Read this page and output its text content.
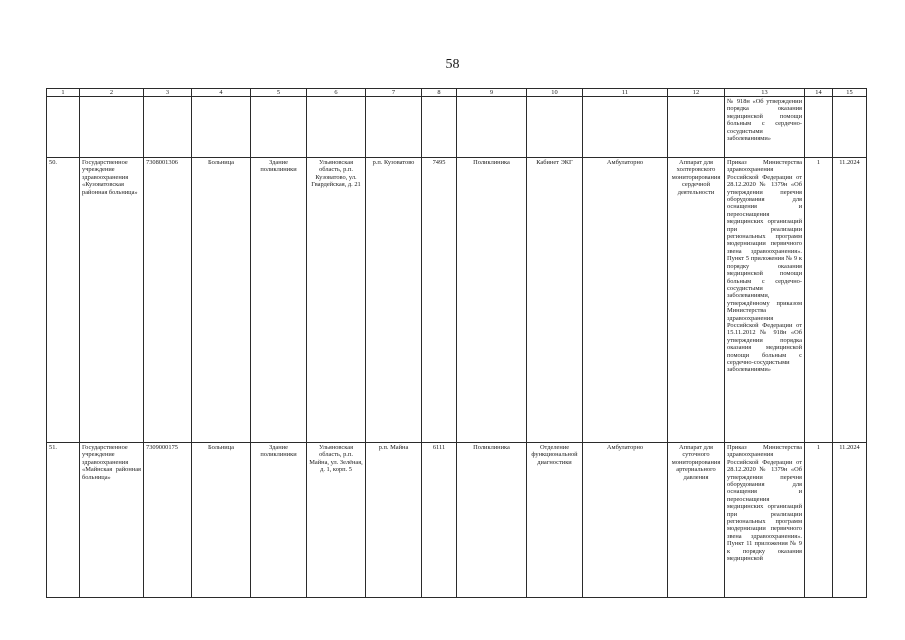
58
1	2	3	4	5	6	7	8	9	10	11	12	13	14	15
												№ 918н «Об утверждении порядка оказания медицинской помощи больным с сердечно-сосудистыми заболеваниями»		
50.	Государственное учреждение здравоохранения «Кузоватовская районная больница»	7308001306	Больница	Здание поликлиники	Ульяновская область, р.п. Кузоватово, ул. Гвардейская, д. 21	р.п. Кузоватово	7495	Поликлиника	Кабинет ЭКГ	Амбулаторно	Аппарат для холтеровского мониторирования сердечной деятельности	Приказ Министерства здравоохранения Российской Федерации от 28.12.2020 № 1379н «Об утверждении перечня оборудования для оснащения и переоснащения медицинских организаций при реализации региональных программ модернизации первичного звена здравоохранения». Пункт 5 приложения № 9 к порядку оказания медицинской помощи больным с сердечно-сосудистыми заболеваниями, утверждённому приказом Министерства здравоохранения Российской Федерации от 15.11.2012 № 918н «Об утверждении порядка оказания медицинской помощи больным с сердечно-сосудистыми заболеваниями»	1	11.2024
51.	Государственное учреждение здравоохранения «Майнская районная больница»	7309000175	Больница	Здание поликлиники	Ульяновская область, р.п. Майна, ул. Зелёная, д. 1, корп. 5	р.п. Майна	6111	Поликлиника	Отделение функциональной диагностики	Амбулаторно	Аппарат для суточного мониторирования артериального давления	Приказ Министерства здравоохранения Российской Федерации от 28.12.2020 № 1379н «Об утверждении перечня оборудования для оснащения и переоснащения медицинских организаций при реализации региональных программ модернизации первичного звена здравоохранения». Пункт 11 приложения № 9 к порядку оказания медицинской	1	11.2024
